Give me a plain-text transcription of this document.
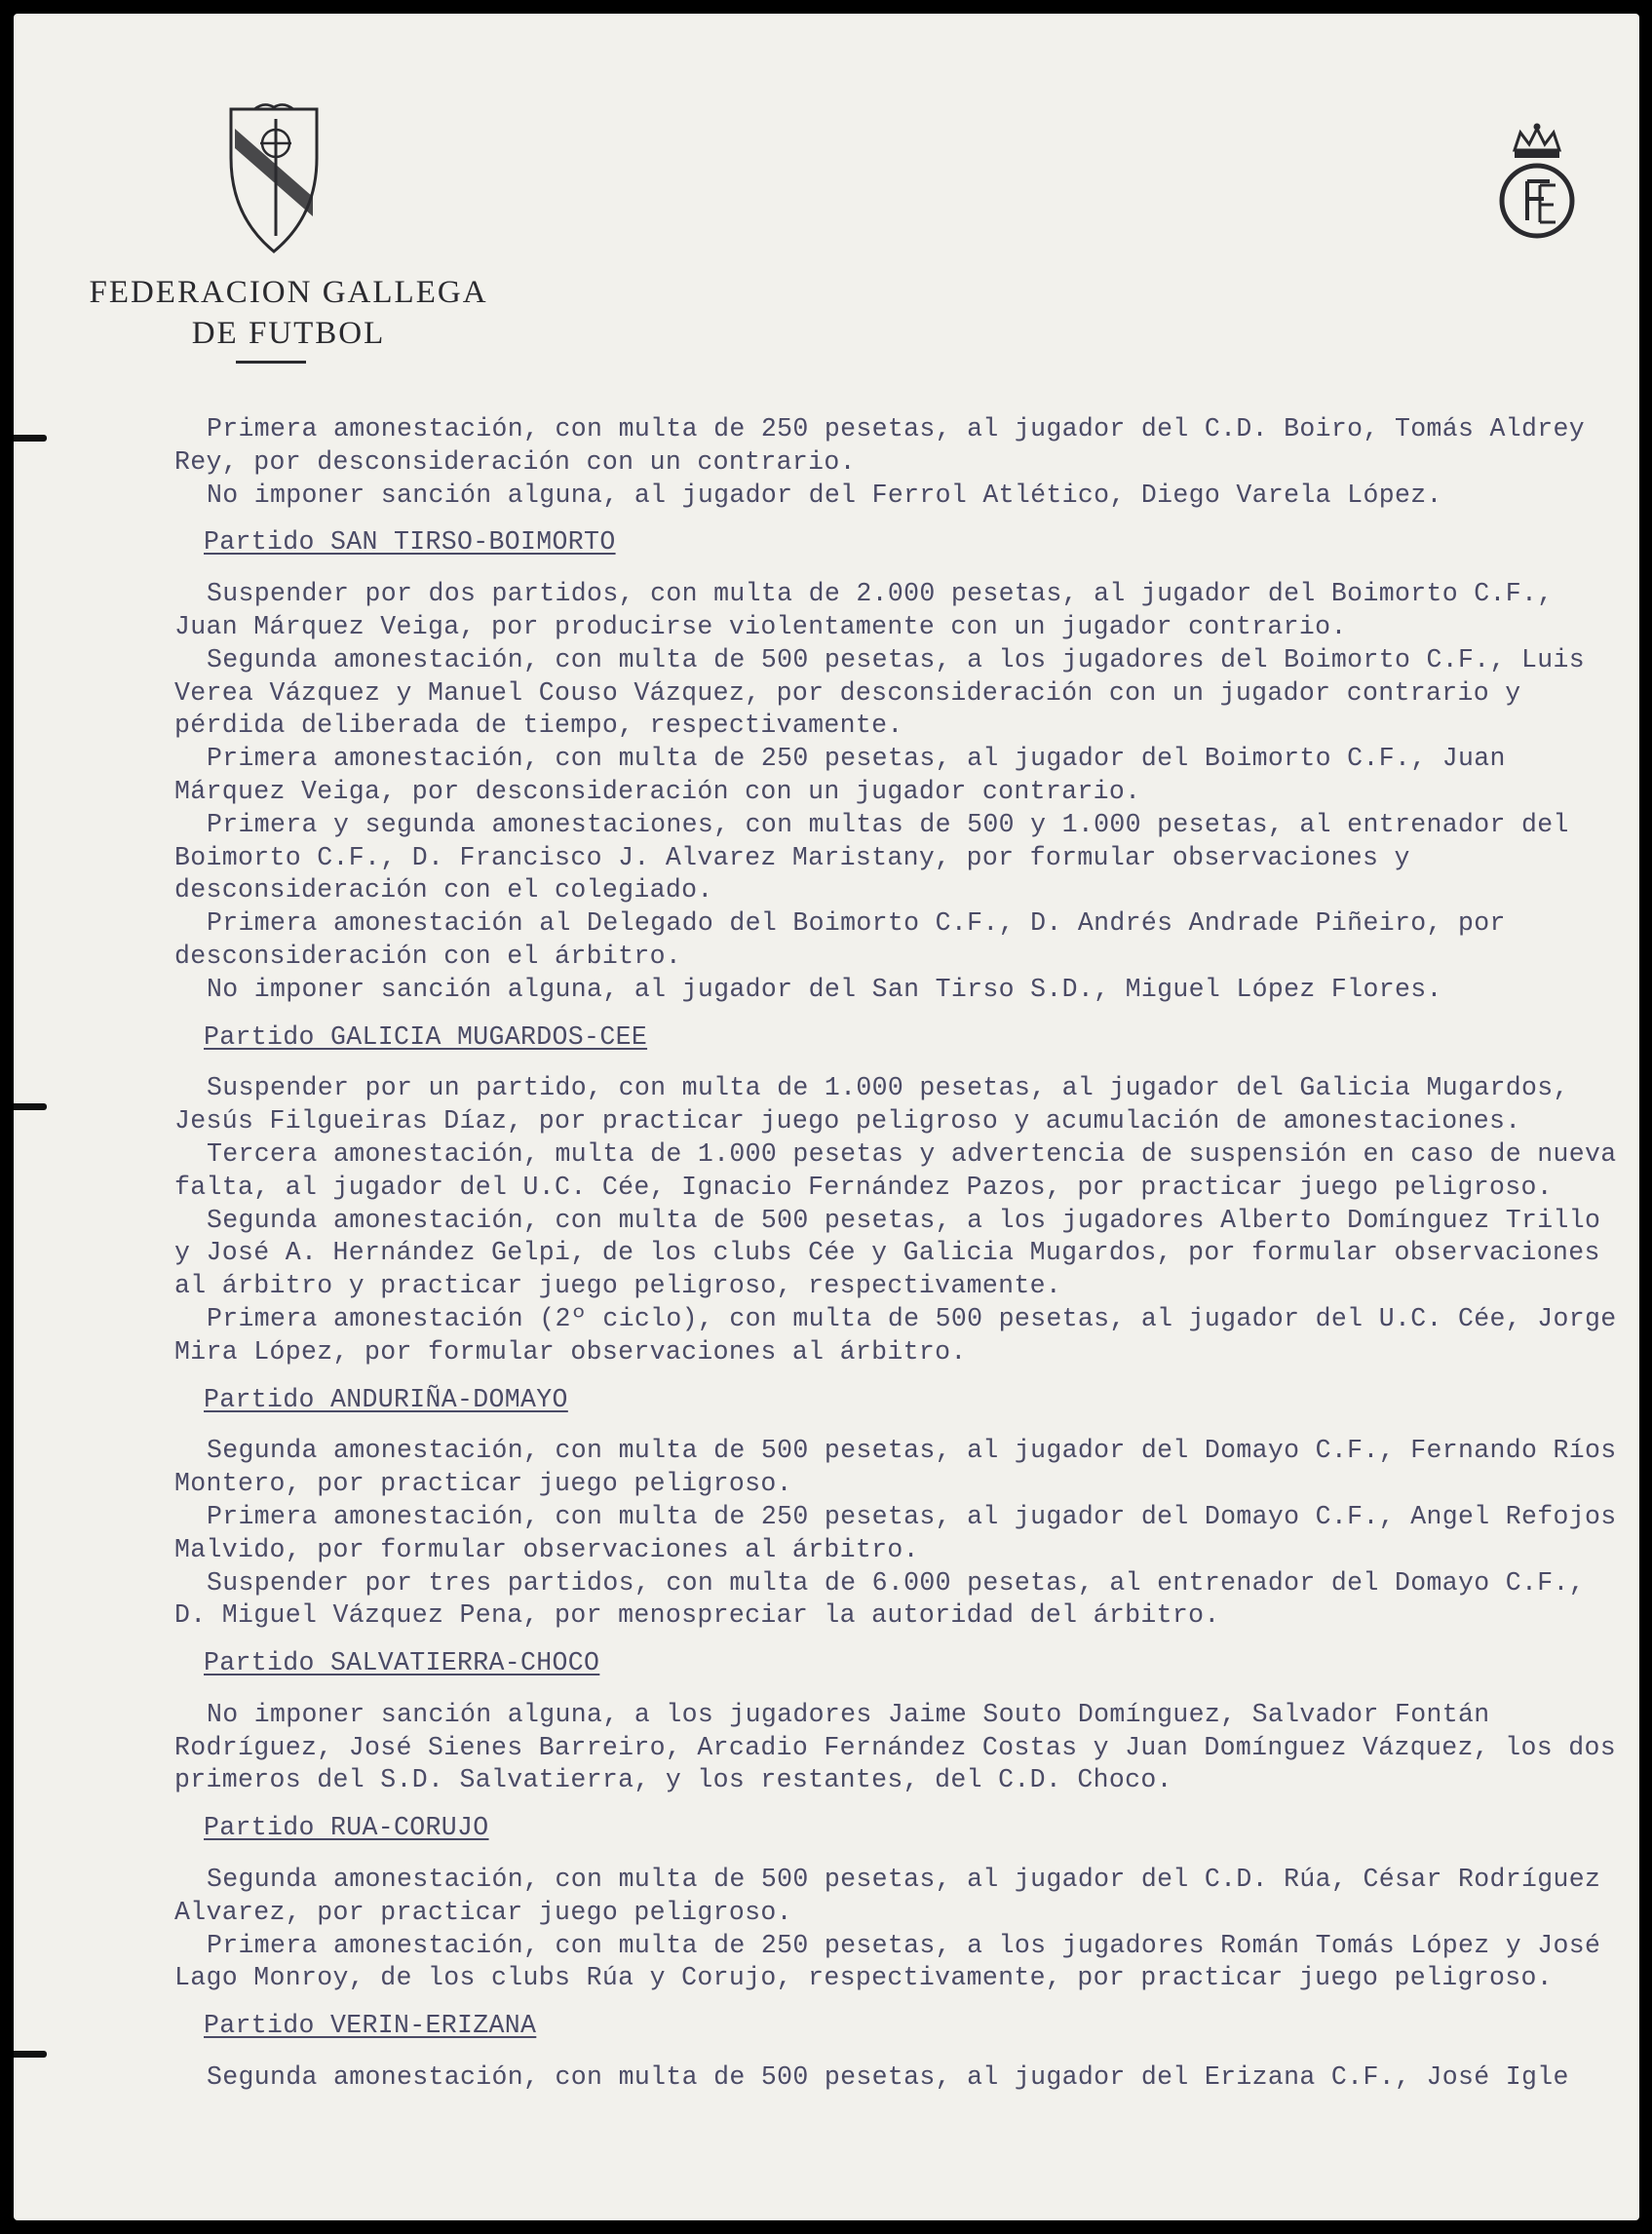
FEDERACION GALLEGA
DE FUTBOL

Primera amonestación, con multa de 250 pesetas, al jugador del C.D. Boiro, Tomás Aldrey Rey, por desconsideración con un contrario.

No imponer sanción alguna, al jugador del Ferrol Atlético, Diego Varela López.

Partido SAN TIRSO-BOIMORTO

Suspender por dos partidos, con multa de 2.000 pesetas, al jugador del Boimorto C.F., Juan Márquez Veiga, por producirse violentamente con un jugador contrario.

Segunda amonestación, con multa de 500 pesetas, a los jugadores del Boimorto C.F., Luis Verea Vázquez y Manuel Couso Vázquez, por desconsideración con un jugador contrario y pérdida deliberada de tiempo, respectivamente.

Primera amonestación, con multa de 250 pesetas, al jugador del Boimorto C.F., Juan Márquez Veiga, por desconsideración con un jugador contrario.

Primera y segunda amonestaciones, con multas de 500 y 1.000 pesetas, al entrenador del Boimorto C.F., D. Francisco J. Alvarez Maristany, por formular observaciones y desconsideración con el colegiado.

Primera amonestación al Delegado del Boimorto C.F., D. Andrés Andrade Piñeiro, por desconsideración con el árbitro.

No imponer sanción alguna, al jugador del San Tirso S.D., Miguel López Flores.

Partido GALICIA MUGARDOS-CEE

Suspender por un partido, con multa de 1.000 pesetas, al jugador del Galicia Mugardos, Jesús Filgueiras Díaz, por practicar juego peligroso y acumulación de amonestaciones.

Tercera amonestación, multa de 1.000 pesetas y advertencia de suspensión en caso de nueva falta, al jugador del U.C. Cée, Ignacio Fernández Pazos, por practicar juego peligroso.

Segunda amonestación, con multa de 500 pesetas, a los jugadores Alberto Domínguez Trillo y José A. Hernández Gelpi, de los clubs Cée y Galicia Mugardos, por formular observaciones al árbitro y practicar juego peligroso, respectivamente.

Primera amonestación (2º ciclo), con multa de 500 pesetas, al jugador del U.C. Cée, Jorge Mira López, por formular observaciones al árbitro.

Partido ANDURIÑA-DOMAYO

Segunda amonestación, con multa de 500 pesetas, al jugador del Domayo C.F., Fernando Ríos Montero, por practicar juego peligroso.

Primera amonestación, con multa de 250 pesetas, al jugador del Domayo C.F., Angel Refojos Malvido, por formular observaciones al árbitro.

Suspender por tres partidos, con multa de 6.000 pesetas, al entrenador del Domayo C.F., D. Miguel Vázquez Pena, por menospreciar la autoridad del árbitro.

Partido SALVATIERRA-CHOCO

No imponer sanción alguna, a los jugadores Jaime Souto Domínguez, Salvador Fontán Rodríguez, José Sienes Barreiro, Arcadio Fernández Costas y Juan Domínguez Vázquez, los dos primeros del S.D. Salvatierra, y los restantes, del C.D. Choco.

Partido RUA-CORUJO

Segunda amonestación, con multa de 500 pesetas, al jugador del C.D. Rúa, César Rodríguez Alvarez, por practicar juego peligroso.

Primera amonestación, con multa de 250 pesetas, a los jugadores Román Tomás López y José Lago Monroy, de los clubs Rúa y Corujo, respectivamente, por practicar juego peligroso.

Partido VERIN-ERIZANA

Segunda amonestación, con multa de 500 pesetas, al jugador del Erizana C.F., José Igle
